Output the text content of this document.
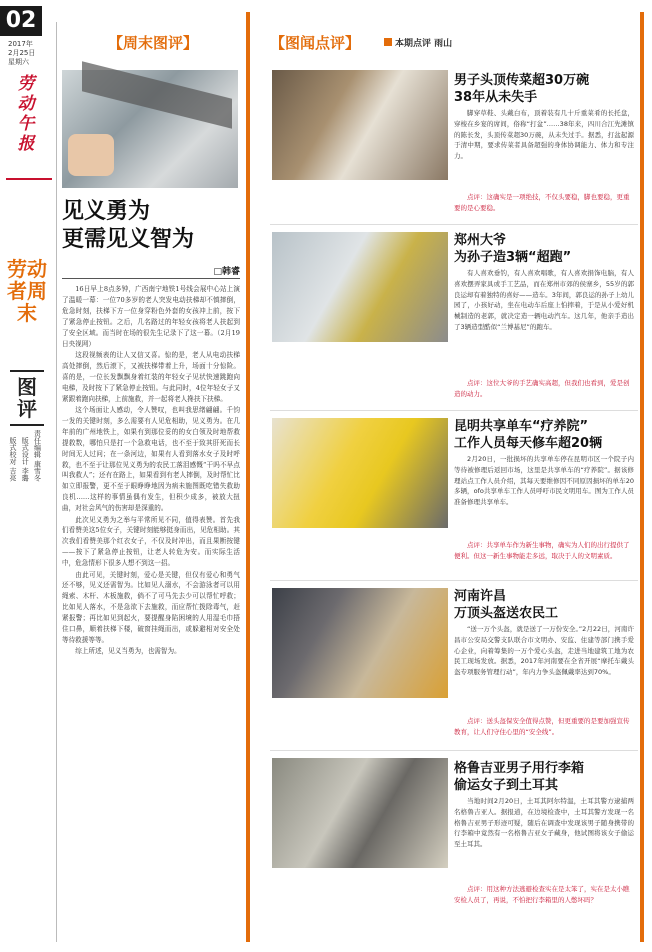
02
2017年
2月25日
星期六
劳动午报
劳动者周末
图评
版式校对 吉亮 版式设计 李璐 责任编辑 康雪冬
【周末图评】
见义勇为
更需见义智为
□韩睿

16日早上8点多钟，广西南宁地铁1号线会展中心站上演了温暖一幕：一位70多岁的老人突发电动扶梯却不慎摔倒，危急时刻，扶梯下方一位身穿粉色外套的女孩冲上前，按下了紧急停止按钮。之后，几名路过的年轻女孩将老人扶起到了安全区域。而当时在场的很先生记录下了这一幕。（2月19日央视网）

这段视频表的让人又信又喜。惊的是，老人从电动扶梯高处摔倒，然后滚下，又被扶梯带着上升，场面十分惊险。喜的是，一位长发飘飘身着红装的年轻女子见状快速跳跑向电梯，及时按下了紧急停止按钮。与此同时，4位年轻女子又紧跟着跑向扶梯，上前施救，并一起将老人搀扶下扶梯。

这个场面让人感动，令人赞叹，也叫我思绪翩翩。千钧一发的关键时刻，多么需要有人见危相助，见义勇为。在几年前的广州地铁上，如果有到那位妥的的女白领及时地帮救提救数，哪怕只是打一个急救电话，也不至于致其肝死而长时间无人过问；在一条河边，如果有人看到落水女子及时呼救，也不至于让那位见义勇为的农民工落泪感慨“干吗不早点叫我救人”；还有在路上，如果看到有老人摔倒，及时帮忙比如立即报警，更不至于眼睁睁地因为病未施图既吃错失救助良机……这样的事情虽偶有发生，但积少成多，被放大扭曲，对社会风气的伤害却是深重的。

此次见义勇为之举与平常所见不同，值得表赞。首先我们看赞美这5位女子，关键时刻能够挺身而出，见危相助。其次我们看赞美那个红衣女子，不仅及时冲出，而且果断按键——按下了紧急停止按钮，让老人转危为安。而实际生活中，危急情形下很多人想不到这一招。

由此可见，关键时刻，爱心是关键，但仅有爱心和勇气还不够，见义还需智为。比如见人溺水，不会游泳者可以用绳索、木杆、木板施救，倘不了可马先去少可以帮忙呼救；比如见人落水，不是急欲下去施救，而应帮忙拨除毒气，赶紧报警；再比如见到起火，要提醒身陷困境的人用湿毛巾捂住口鼻，顺着扶梯下楼，破窗挂绳而出，或躲避相对安全处等待救援等等。

综上所述，见义当勇为，也需智为。

【图闻点评】	本期点评 雨山
男子头顶传菜超30万碗
38年从未失手
脚穿草鞋、头戴白布，顶着装有几十斤重菜肴的长托盘，穿梭在乡宴的席间，俗称“打盆”……38年来，四川合江先滩镇的陈长发，头顶传菜超30万碗，从未失过手。据悉，打盆起源于清中期，要求传菜者具备超强的身体协调能力、体力和专注力。
点评：这确实是一项绝技，不仅头要稳，脚也要稳，更重要的是心要稳。
郑州大爷
为孙子造3辆“超跑”
有人喜欢垂钓，有人喜欢唱歌，有人喜欢捐饰电脑，有人喜欢摆弄家具或手工艺品，而在郑州市郊的侯寨乡，55岁的郭良运却有着独特的喜好——造车。3年间，郭良运的孙子上幼儿园了，小孩好动，坐在电动车后座上怕摔着，于是从小爱好机械制造的老郭，就决定造一辆电动汽车。这几年，他亲手造出了3辆造型酷似“兰博基尼”的跑车。
点评：这位大爷的手艺确实高超，但我们也看到，爱是创造的动力。
昆明共享单车“疗养院”
工作人员每天修车超20辆
2月20日，一批损坏的共享单车停在昆明市区一个院子内等待被修理后返回市场，这里是共享单车的“疗养院”。据该修理站点工作人员介绍，其每天要维修因不同原因损坏的单车20多辆，ofo共享单车工作人员呼吁市民文明用车。图为工作人员准备修理共享单车。
点评：共享单车作为新生事物，确实为人们的出行提供了便利。但这一新生事物能走多远，取决于人的文明素质。
河南许昌
万顶头盔送农民工
“送一万个头盔，就是送了一万份安全。”2月22日，河南许昌市公安局交警支队联合市文明办、安监、住建等部门携手爱心企业，向着筹集的一万个爱心头盔，走进当地建筑工地为农民工现场发放。据悉，2017年河南要在全省开展“摩托车戴头盔专项服务管理行动”，年内力争头盔佩戴率达到70%。
点评：送头盔保安全值得点赞，但更重要的是要加强宣传教育，让人们守住心里的“安全线”。
格鲁吉亚男子用行李箱
偷运女子到土耳其
当地时间2月20日，土耳其阿尔特温，土耳其警方逮捕两名格鲁吉亚人。据报道，在边境检查中，土耳其警方发现一名格鲁吉亚男子形迹可疑，随后在调查中发现该男子随身携带的行李箱中竟然有一名格鲁吉亚女子藏身，他试图将该女子偷运至土耳其。
点评：用这种方法逃避检查实在是太笨了，实在是太小瞧安检人员了，再说，不怕把行李箱里的人憋坏吗？
